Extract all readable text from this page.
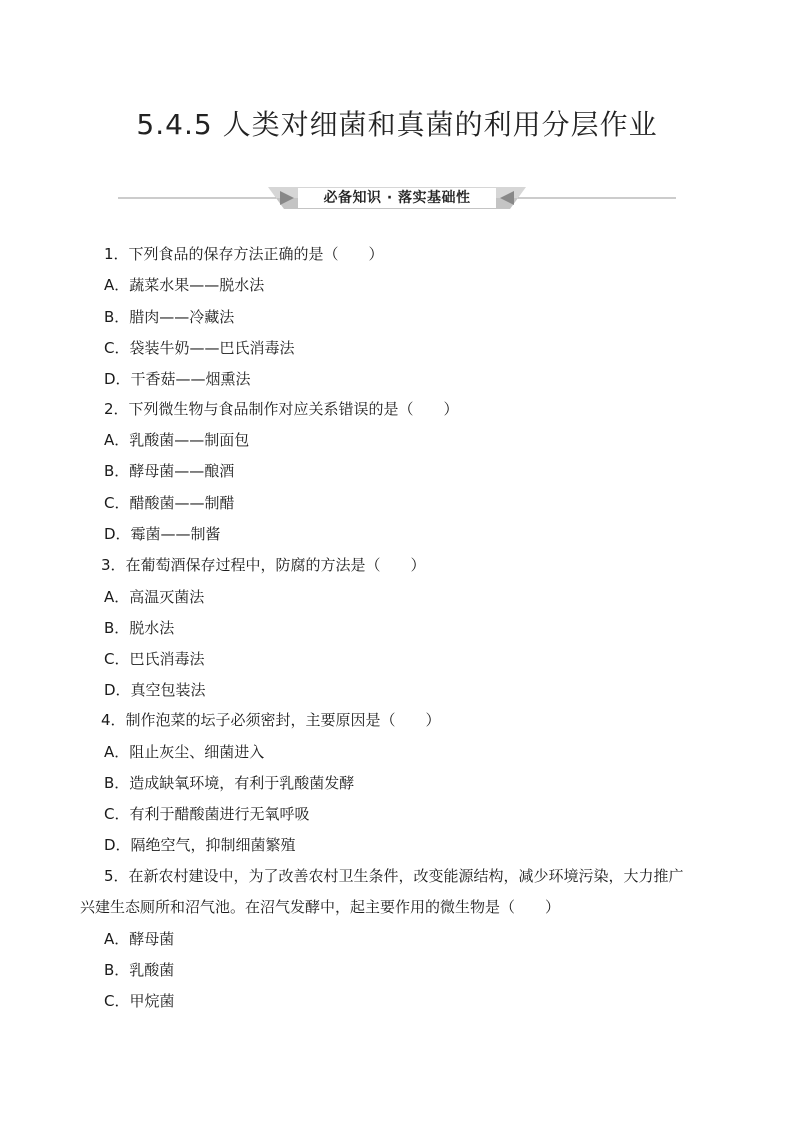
5.4.5 人类对细菌和真菌的利用分层作业
必备知识 · 落实基础性
1．下列食品的保存方法正确的是（　　）
A．蔬菜水果——脱水法
B．腊肉——冷藏法
C．袋装牛奶——巴氏消毒法
D．干香菇——烟熏法
2．下列微生物与食品制作对应关系错误的是（　　）
A．乳酸菌——制面包
B．酵母菌——酿酒
C．醋酸菌——制醋
D．霉菌——制酱
3．在葡萄酒保存过程中，防腐的方法是（　　）
A．高温灭菌法
B．脱水法
C．巴氏消毒法
D．真空包装法
4．制作泡菜的坛子必须密封，主要原因是（　　）
A．阻止灰尘、细菌进入
B．造成缺氧环境，有利于乳酸菌发酵
C．有利于醋酸菌进行无氧呼吸
D．隔绝空气，抑制细菌繁殖
5．在新农村建设中，为了改善农村卫生条件，改变能源结构，减少环境污染，大力推广
兴建生态厕所和沼气池。在沼气发酵中，起主要作用的微生物是（　　）
A．酵母菌
B．乳酸菌
C．甲烷菌
